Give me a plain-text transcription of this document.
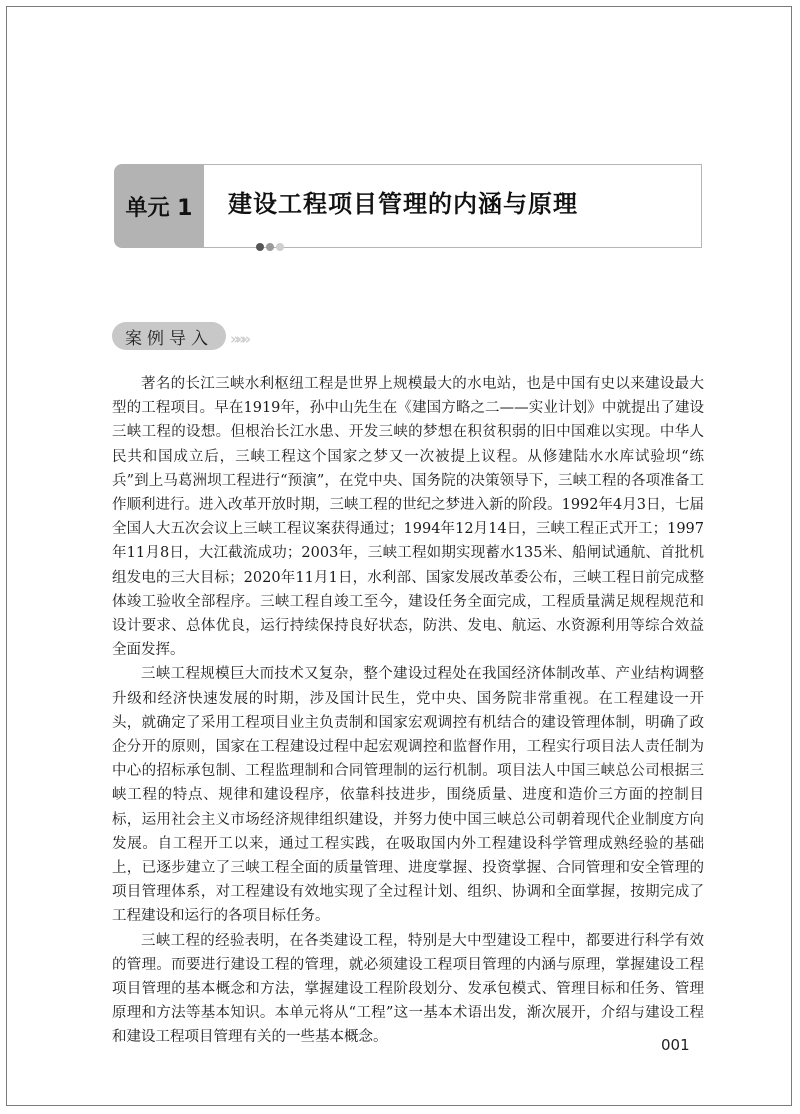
单元 1 建设工程项目管理的内涵与原理
案例导入 »»»

著名的长江三峡水利枢纽工程是世界上规模最大的水电站，也是中国有史以来建设最大型的工程项目。早在1919年，孙中山先生在《建国方略之二——实业计划》中就提出了建设三峡工程的设想。但根治长江水患、开发三峡的梦想在积贫积弱的旧中国难以实现。中华人民共和国成立后，三峡工程这个国家之梦又一次被提上议程。从修建陆水水库试验坝“练兵”到上马葛洲坝工程进行“预演”，在党中央、国务院的决策领导下，三峡工程的各项准备工作顺利进行。进入改革开放时期，三峡工程的世纪之梦进入新的阶段。1992年4月3日，七届全国人大五次会议上三峡工程议案获得通过；1994年12月14日，三峡工程正式开工；1997年11月8日，大江截流成功；2003年，三峡工程如期实现蓄水135米、船闸试通航、首批机组发电的三大目标；2020年11月1日，水利部、国家发展改革委公布，三峡工程日前完成整体竣工验收全部程序。三峡工程自竣工至今，建设任务全面完成，工程质量满足规程规范和设计要求、总体优良，运行持续保持良好状态，防洪、发电、航运、水资源利用等综合效益全面发挥。

三峡工程规模巨大而技术又复杂，整个建设过程处在我国经济体制改革、产业结构调整升级和经济快速发展的时期，涉及国计民生，党中央、国务院非常重视。在工程建设一开头，就确定了采用工程项目业主负责制和国家宏观调控有机结合的建设管理体制，明确了政企分开的原则，国家在工程建设过程中起宏观调控和监督作用，工程实行项目法人责任制为中心的招标承包制、工程监理制和合同管理制的运行机制。项目法人中国三峡总公司根据三峡工程的特点、规律和建设程序，依靠科技进步，围绕质量、进度和造价三方面的控制目标，运用社会主义市场经济规律组织建设，并努力使中国三峡总公司朝着现代企业制度方向发展。自工程开工以来，通过工程实践，在吸取国内外工程建设科学管理成熟经验的基础上，已逐步建立了三峡工程全面的质量管理、进度掌握、投资掌握、合同管理和安全管理的项目管理体系，对工程建设有效地实现了全过程计划、组织、协调和全面掌握，按期完成了工程建设和运行的各项目标任务。

三峡工程的经验表明，在各类建设工程，特别是大中型建设工程中，都要进行科学有效的管理。而要进行建设工程的管理，就必须建设工程项目管理的内涵与原理，掌握建设工程项目管理的基本概念和方法，掌握建设工程阶段划分、发承包模式、管理目标和任务、管理原理和方法等基本知识。本单元将从“工程”这一基本术语出发，渐次展开，介绍与建设工程和建设工程项目管理有关的一些基本概念。	001
